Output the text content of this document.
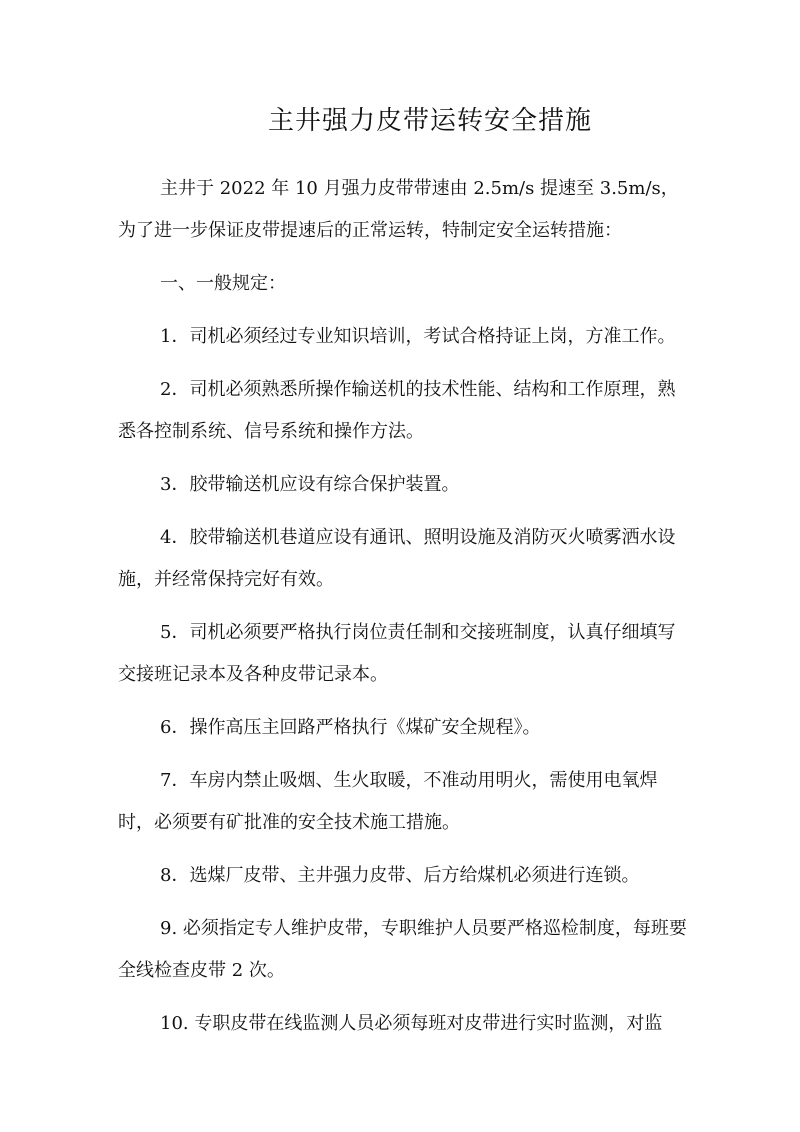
主井强力皮带运转安全措施

主井于 2022 年 10 月强力皮带带速由 2.5m/s 提速至 3.5m/s，为了进一步保证皮带提速后的正常运转，特制定安全运转措施：

一、一般规定：

1．司机必须经过专业知识培训，考试合格持证上岗，方准工作。

2．司机必须熟悉所操作输送机的技术性能、结构和工作原理，熟悉各控制系统、信号系统和操作方法。

3．胶带输送机应设有综合保护装置。

4．胶带输送机巷道应设有通讯、照明设施及消防灭火喷雾洒水设施，并经常保持完好有效。

5．司机必须要严格执行岗位责任制和交接班制度，认真仔细填写交接班记录本及各种皮带记录本。

6．操作高压主回路严格执行《煤矿安全规程》。

7．车房内禁止吸烟、生火取暖，不准动用明火，需使用电氧焊时，必须要有矿批准的安全技术施工措施。

8．选煤厂皮带、主井强力皮带、后方给煤机必须进行连锁。

9. 必须指定专人维护皮带，专职维护人员要严格巡检制度，每班要全线检查皮带 2 次。

10. 专职皮带在线监测人员必须每班对皮带进行实时监测，对监
